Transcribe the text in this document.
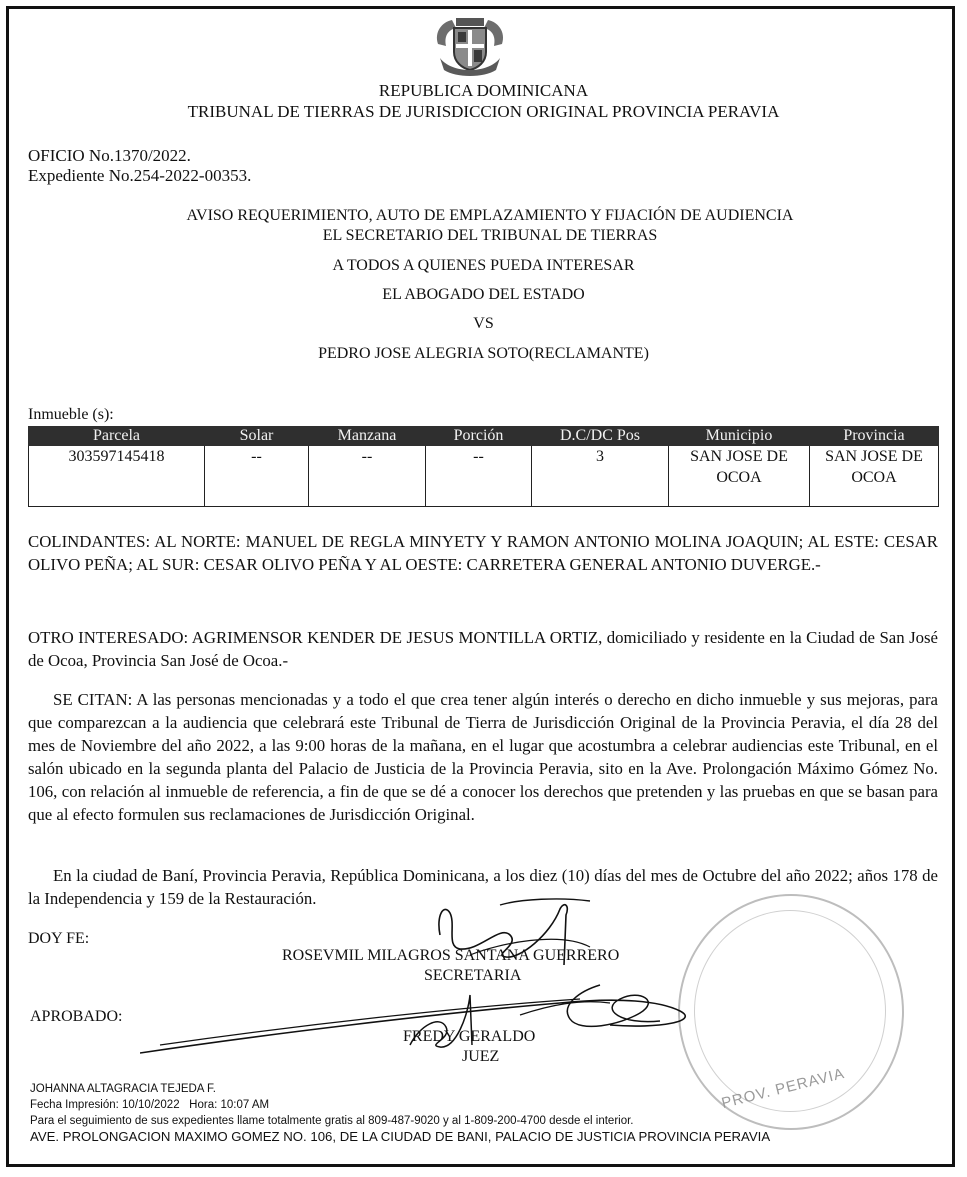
REPUBLICA DOMINICANA
TRIBUNAL DE TIERRAS DE JURISDICCION ORIGINAL PROVINCIA PERAVIA
OFICIO No.1370/2022.
Expediente No.254-2022-00353.
AVISO REQUERIMIENTO, AUTO DE EMPLAZAMIENTO Y FIJACIÓN DE AUDIENCIA
EL SECRETARIO DEL TRIBUNAL DE TIERRAS
A TODOS A QUIENES PUEDA INTERESAR
EL ABOGADO DEL ESTADO
VS
PEDRO JOSE ALEGRIA SOTO(RECLAMANTE)
Inmueble (s):
Parcela	Solar	Manzana	Porción	D.C/DC Pos	Municipio	Provincia
303597145418	--	--	--	3	SAN JOSE DE OCOA	SAN JOSE DE OCOA
COLINDANTES: AL NORTE: MANUEL DE REGLA MINYETY Y RAMON ANTONIO MOLINA JOAQUIN; AL ESTE: CESAR OLIVO PEÑA; AL SUR: CESAR OLIVO PEÑA Y AL OESTE: CARRETERA GENERAL ANTONIO DUVERGE.-
OTRO INTERESADO: AGRIMENSOR KENDER DE JESUS MONTILLA ORTIZ, domiciliado y residente en la Ciudad de San José de Ocoa, Provincia San José de Ocoa.-
SE CITAN: A las personas mencionadas y a todo el que crea tener algún interés o derecho en dicho inmueble y sus mejoras, para que comparezcan a la audiencia que celebrará este Tribunal de Tierra de Jurisdicción Original de la Provincia Peravia, el día 28 del mes de Noviembre del año 2022, a las 9:00 horas de la mañana, en el lugar que acostumbra a celebrar audiencias este Tribunal, en el salón ubicado en la segunda planta del Palacio de Justicia de la Provincia Peravia, sito en la Ave. Prolongación Máximo Gómez No. 106, con relación al inmueble de referencia, a fin de que se dé a conocer los derechos que pretenden y las pruebas en que se basan para que al efecto formulen sus reclamaciones de Jurisdicción Original.
En la ciudad de Baní, Provincia Peravia, República Dominicana, a los diez (10) días del mes de Octubre del año 2022; años 178 de la Independencia y 159 de la Restauración.
PROV. PERAVIA
DOY FE:
ROSEVMIL MILAGROS SANTANA GUERRERO
SECRETARIA
APROBADO:
FREDY GERALDO
JUEZ
JOHANNA ALTAGRACIA TEJEDA F.
Fecha Impresión: 10/10/2022   Hora: 10:07 AM
Para el seguimiento de sus expedientes llame totalmente gratis al 809-487-9020 y al 1-809-200-4700 desde el interior.
AVE. PROLONGACION MAXIMO GOMEZ NO. 106, DE LA CIUDAD DE BANI, PALACIO DE JUSTICIA PROVINCIA PERAVIA
